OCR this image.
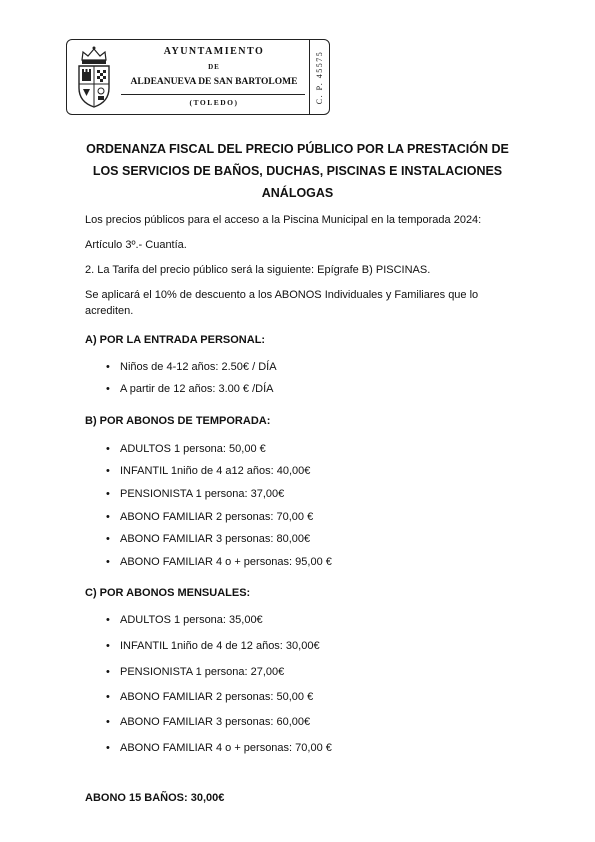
AYUNTAMIENTO
DE
ALDEANUEVA DE SAN BARTOLOME
(TOLEDO)	C. P. 45575
ORDENANZA FISCAL DEL PRECIO PÚBLICO POR LA PRESTACIÓN DE
LOS SERVICIOS DE BAÑOS, DUCHAS, PISCINAS E INSTALACIONES
ANÁLOGAS
Los precios públicos para el acceso a la Piscina Municipal en la temporada 2024:
Artículo 3º.- Cuantía.
2. La Tarifa del precio público será la siguiente: Epígrafe B) PISCINAS.
Se aplicará el 10% de descuento a los ABONOS Individuales y Familiares que lo acrediten.
A) POR LA ENTRADA PERSONAL:
• Niños de 4-12 años: 2.50€ / DÍA
• A partir de 12 años: 3.00 € /DÍA
B) POR ABONOS DE TEMPORADA:
• ADULTOS 1 persona: 50,00 €
• INFANTIL 1niño de 4 a12 años: 40,00€
• PENSIONISTA 1 persona: 37,00€
• ABONO FAMILIAR 2 personas: 70,00 €
• ABONO FAMILIAR 3 personas: 80,00€
• ABONO FAMILIAR 4 o + personas: 95,00 €
C) POR ABONOS MENSUALES:
• ADULTOS 1 persona: 35,00€
• INFANTIL 1niño de 4 de 12 años: 30,00€
• PENSIONISTA 1 persona: 27,00€
• ABONO FAMILIAR 2 personas: 50,00 €
• ABONO FAMILIAR 3 personas: 60,00€
• ABONO FAMILIAR 4 o + personas: 70,00 €
ABONO 15 BAÑOS: 30,00€
